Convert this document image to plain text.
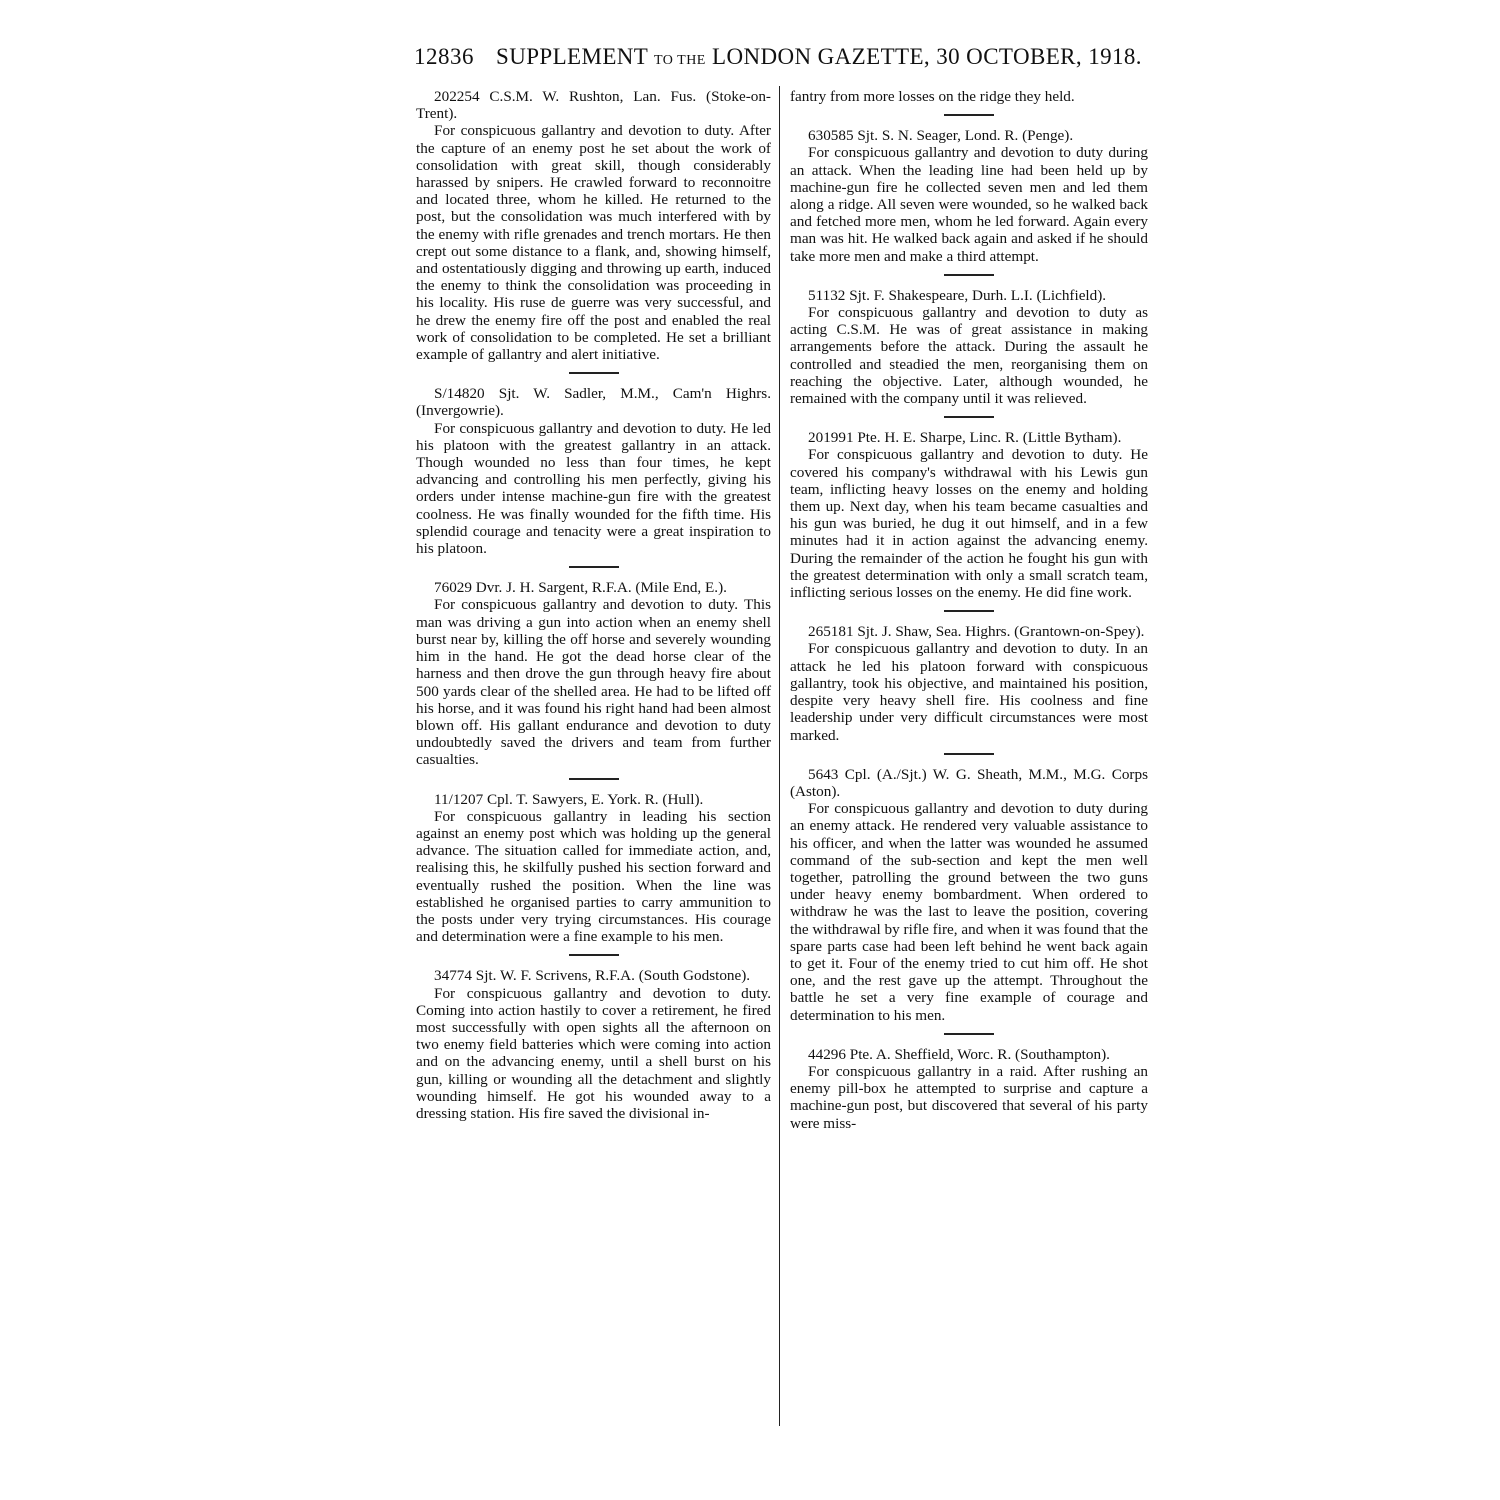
12836 SUPPLEMENT TO THE LONDON GAZETTE, 30 OCTOBER, 1918.

202254 C.S.M. W. Rushton, Lan. Fus. (Stoke-on-Trent).

For conspicuous gallantry and devotion to duty. After the capture of an enemy post he set about the work of consolidation with great skill, though considerably harassed by snipers. He crawled forward to reconnoitre and located three, whom he killed. He returned to the post, but the consolidation was much interfered with by the enemy with rifle grenades and trench mortars. He then crept out some distance to a flank, and, showing himself, and ostentatiously digging and throwing up earth, induced the enemy to think the consolidation was proceeding in his locality. His ruse de guerre was very successful, and he drew the enemy fire off the post and enabled the real work of consolidation to be completed. He set a brilliant example of gallantry and alert initiative.

S/14820 Sjt. W. Sadler, M.M., Cam'n Highrs. (Invergowrie).

For conspicuous gallantry and devotion to duty. He led his platoon with the greatest gallantry in an attack. Though wounded no less than four times, he kept advancing and controlling his men perfectly, giving his orders under intense machine-gun fire with the greatest coolness. He was finally wounded for the fifth time. His splendid courage and tenacity were a great inspiration to his platoon.

76029 Dvr. J. H. Sargent, R.F.A. (Mile End, E.).

For conspicuous gallantry and devotion to duty. This man was driving a gun into action when an enemy shell burst near by, killing the off horse and severely wounding him in the hand. He got the dead horse clear of the harness and then drove the gun through heavy fire about 500 yards clear of the shelled area. He had to be lifted off his horse, and it was found his right hand had been almost blown off. His gallant endurance and devotion to duty undoubtedly saved the drivers and team from further casualties.

11/1207 Cpl. T. Sawyers, E. York. R. (Hull).

For conspicuous gallantry in leading his section against an enemy post which was holding up the general advance. The situation called for immediate action, and, realising this, he skilfully pushed his section forward and eventually rushed the position. When the line was established he organised parties to carry ammunition to the posts under very trying circumstances. His courage and determination were a fine example to his men.

34774 Sjt. W. F. Scrivens, R.F.A. (South Godstone).

For conspicuous gallantry and devotion to duty. Coming into action hastily to cover a retirement, he fired most successfully with open sights all the afternoon on two enemy field batteries which were coming into action and on the advancing enemy, until a shell burst on his gun, killing or wounding all the detachment and slightly wounding himself. He got his wounded away to a dressing station. His fire saved the divisional in-

fantry from more losses on the ridge they held.

630585 Sjt. S. N. Seager, Lond. R. (Penge).

For conspicuous gallantry and devotion to duty during an attack. When the leading line had been held up by machine-gun fire he collected seven men and led them along a ridge. All seven were wounded, so he walked back and fetched more men, whom he led forward. Again every man was hit. He walked back again and asked if he should take more men and make a third attempt.

51132 Sjt. F. Shakespeare, Durh. L.I. (Lichfield).

For conspicuous gallantry and devotion to duty as acting C.S.M. He was of great assistance in making arrangements before the attack. During the assault he controlled and steadied the men, reorganising them on reaching the objective. Later, although wounded, he remained with the company until it was relieved.

201991 Pte. H. E. Sharpe, Linc. R. (Little Bytham).

For conspicuous gallantry and devotion to duty. He covered his company's withdrawal with his Lewis gun team, inflicting heavy losses on the enemy and holding them up. Next day, when his team became casualties and his gun was buried, he dug it out himself, and in a few minutes had it in action against the advancing enemy. During the remainder of the action he fought his gun with the greatest determination with only a small scratch team, inflicting serious losses on the enemy. He did fine work.

265181 Sjt. J. Shaw, Sea. Highrs. (Grantown-on-Spey).

For conspicuous gallantry and devotion to duty. In an attack he led his platoon forward with conspicuous gallantry, took his objective, and maintained his position, despite very heavy shell fire. His coolness and fine leadership under very difficult circumstances were most marked.

5643 Cpl. (A./Sjt.) W. G. Sheath, M.M., M.G. Corps (Aston).

For conspicuous gallantry and devotion to duty during an enemy attack. He rendered very valuable assistance to his officer, and when the latter was wounded he assumed command of the sub-section and kept the men well together, patrolling the ground between the two guns under heavy enemy bombardment. When ordered to withdraw he was the last to leave the position, covering the withdrawal by rifle fire, and when it was found that the spare parts case had been left behind he went back again to get it. Four of the enemy tried to cut him off. He shot one, and the rest gave up the attempt. Throughout the battle he set a very fine example of courage and determination to his men.

44296 Pte. A. Sheffield, Worc. R. (Southampton).

For conspicuous gallantry in a raid. After rushing an enemy pill-box he attempted to surprise and capture a machine-gun post, but discovered that several of his party were miss-
